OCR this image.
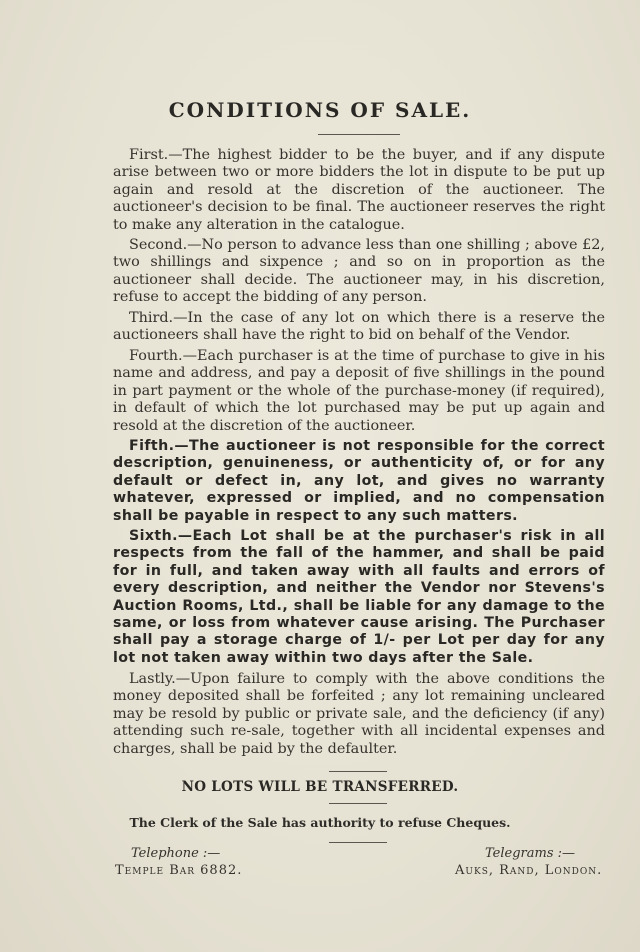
CONDITIONS OF SALE.

First.—The highest bidder to be the buyer, and if any dispute arise between two or more bidders the lot in dispute to be put up again and resold at the discretion of the auctioneer. The auctioneer's decision to be final. The auctioneer reserves the right to make any alteration in the catalogue.

Second.—No person to advance less than one shilling ; above £2, two shillings and sixpence ; and so on in proportion as the auctioneer shall decide. The auctioneer may, in his discretion, refuse to accept the bidding of any person.

Third.—In the case of any lot on which there is a reserve the auctioneers shall have the right to bid on behalf of the Vendor.

Fourth.—Each purchaser is at the time of purchase to give in his name and address, and pay a deposit of five shillings in the pound in part payment or the whole of the purchase-money (if required), in default of which the lot purchased may be put up again and resold at the discretion of the auctioneer.

Fifth.—The auctioneer is not responsible for the correct description, genuineness, or authenticity of, or for any default or defect in, any lot, and gives no warranty whatever, expressed or implied, and no compensation shall be payable in respect to any such matters.

Sixth.—Each Lot shall be at the purchaser's risk in all respects from the fall of the hammer, and shall be paid for in full, and taken away with all faults and errors of every description, and neither the Vendor nor Stevens's Auction Rooms, Ltd., shall be liable for any damage to the same, or loss from whatever cause arising. The Purchaser shall pay a storage charge of 1/- per Lot per day for any lot not taken away within two days after the Sale.

Lastly.—Upon failure to comply with the above conditions the money deposited shall be forfeited ; any lot remaining uncleared may be resold by public or private sale, and the deficiency (if any) attending such re-sale, together with all incidental expenses and charges, shall be paid by the defaulter.

NO LOTS WILL BE TRANSFERRED.
The Clerk of the Sale has authority to refuse Cheques.
Telephone :—
Temple Bar 6882.
Telegrams :—
Auks, Rand, London.
